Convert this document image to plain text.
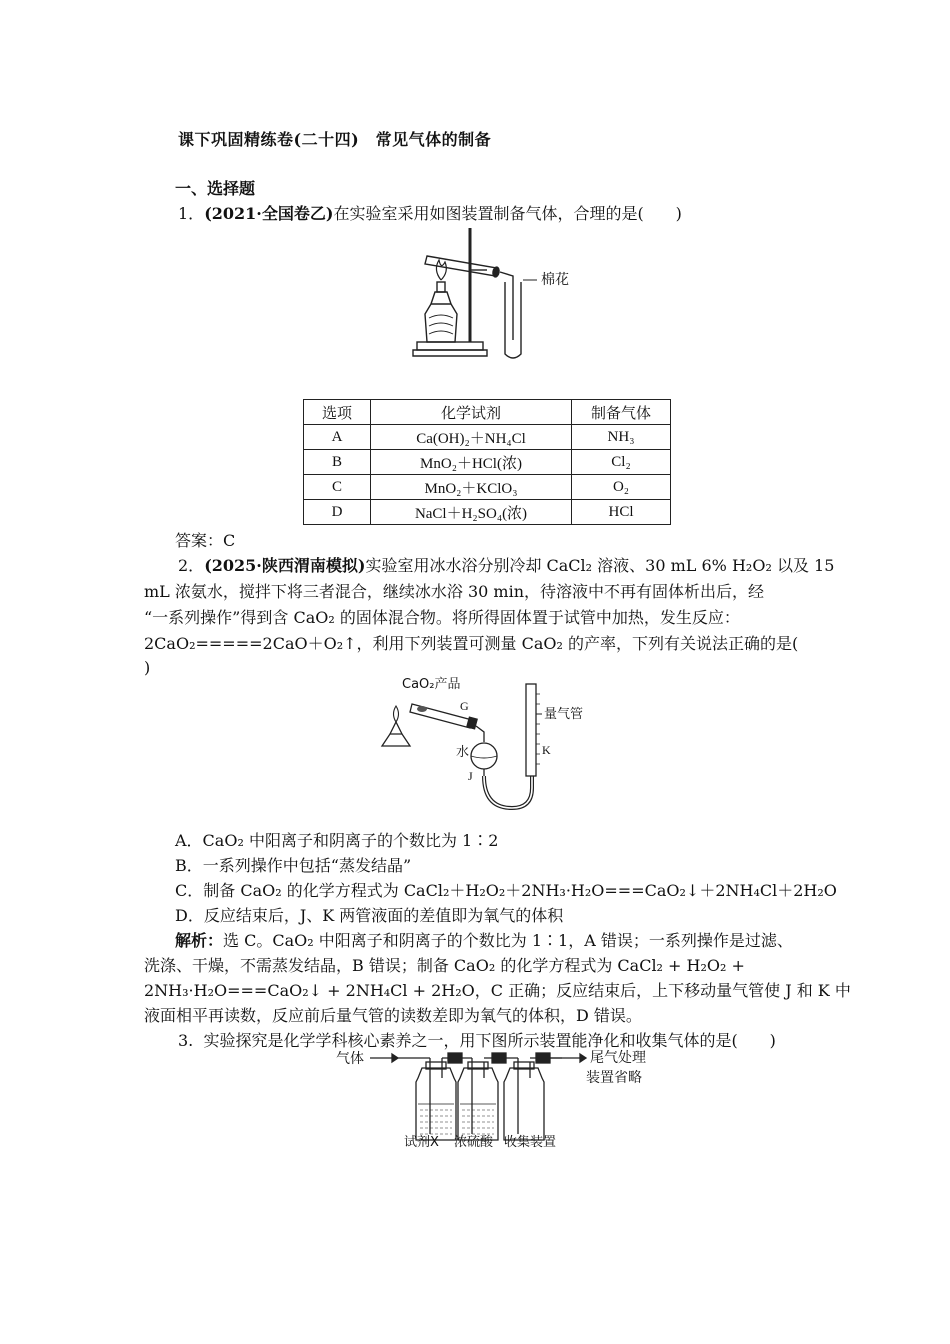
课下巩固精练卷(二十四)　常见气体的制备
一、选择题
1．(2021·全国卷乙)在实验室采用如图装置制备气体，合理的是(　　)
棉花
选项	化学试剂	制备气体
A	Ca(OH)₂＋NH₄Cl	NH₃
B	MnO₂＋HCl(浓)	Cl₂
C	MnO₂＋KClO₃	O₂
D	NaCl＋H₂SO₄(浓)	HCl
答案：C
2．(2025·陕西渭南模拟)实验室用冰水浴分别冷却 CaCl₂ 溶液、30 mL 6% H₂O₂ 以及 15
mL 浓氨水，搅拌下将三者混合，继续冰水浴 30 min，待溶液中不再有固体析出后，经
“一系列操作”得到含 CaO₂ 的固体混合物。将所得固体置于试管中加热，发生反应：
2CaO₂=====2CaO＋O₂↑，利用下列装置可测量 CaO₂ 的产率，下列有关说法正确的是(
)
CaO₂产品
G
水
J
量气管
K
A．CaO₂ 中阳离子和阴离子的个数比为 1∶2
B．一系列操作中包括“蒸发结晶”
C．制备 CaO₂ 的化学方程式为 CaCl₂＋H₂O₂＋2NH₃·H₂O===CaO₂↓＋2NH₄Cl＋2H₂O
D．反应结束后，J、K 两管液面的差值即为氧气的体积
解析：选 C。CaO₂ 中阳离子和阴离子的个数比为 1∶1，A 错误；一系列操作是过滤、
洗涤、干燥，不需蒸发结晶，B 错误；制备 CaO₂ 的化学方程式为 CaCl₂ + H₂O₂ +
2NH₃·H₂O===CaO₂↓ + 2NH₄Cl + 2H₂O，C 正确；反应结束后，上下移动量气管使 J 和 K 中
液面相平再读数，反应前后量气管的读数差即为氧气的体积，D 错误。
3. 实验探究是化学学科核心素养之一，用下图所示装置能净化和收集气体的是(　　)
气体	尾气处理
装置省略
试剂X 浓硫酸 收集装置
